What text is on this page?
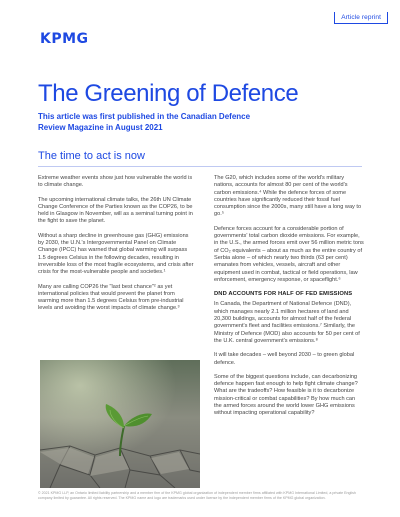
Article reprint
KPMG
The Greening of Defence
This article was first published in the Canadian Defence Review Magazine in August 2021
The time to act is now

Extreme weather events show just how vulnerable the world is to climate change.

The upcoming international climate talks, the 26th UN Climate Change Conference of the Parties known as the COP26, to be held in Glasgow in November, will as a seminal turning point in the fight to save the planet.

Without a sharp decline in greenhouse gas (GHG) emissions by 2030, the U.N.'s Intergovernmental Panel on Climate Change (IPCC) has warned that global warming will surpass 1.5 degrees Celsius in the following decades, resulting in irreversible loss of the most fragile ecosystems, and crisis after crisis for the most-vulnerable people and societies.¹

Many are calling COP26 the "last best chance"² as yet international policies that would prevent the planet from warming more than 1.5 degrees Celsius from pre-industrial levels and avoiding the worst impacts of climate change.³

The G20, which includes some of the world's military nations, accounts for almost 80 per cent of the world's carbon emissions.⁴ While the defence forces of some countries have significantly reduced their fossil fuel consumption since the 2000s, many still have a long way to go.⁵

Defence forces account for a considerable portion of governments' total carbon dioxide emissions. For example, in the U.S., the armed forces emit over 56 million metric tons of CO₂ equivalents – about as much as the entire country of Serbia alone – of which nearly two thirds (63 per cent) emanates from vehicles, vessels, aircraft and other equipment used in combat, tactical or field operations, law enforcement, emergency response, or spaceflight.⁶

DND ACCOUNTS FOR HALF OF FED EMISSIONS

In Canada, the Department of National Defence (DND), which manages nearly 2.1 million hectares of land and 20,300 buildings, accounts for almost half of the federal government's fleet and facilities emissions.⁷ Similarly, the Ministry of Defence (MOD) also accounts for 50 per cent of the U.K. central government's emissions.⁸

It will take decades – well beyond 2030 – to green global defence.

Some of the biggest questions include, can decarbonizing defence happen fast enough to help fight climate change? What are the tradeoffs? How feasible is it to decarbonize mission-critical or combat capabilities? By how much can the armed forces around the world lower GHG emissions without impacting operational capability?

© 2021 KPMG LLP, an Ontario limited liability partnership and a member firm of the KPMG global organization of independent member firms affiliated with KPMG International Limited, a private English company limited by guarantee. All rights reserved. The KPMG name and logo are trademarks used under license by the independent member firms of the KPMG global organization.
